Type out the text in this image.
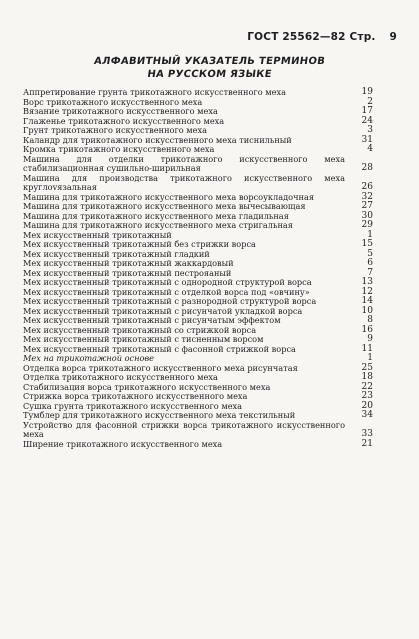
ГОСТ 25562—82 Стр. 9
АЛФАВИТНЫЙ УКАЗАТЕЛЬ ТЕРМИНОВ
НА РУССКОМ ЯЗЫКЕ
Аппретирование грунта трикотажного искусственного меха	19
Ворс трикотажного искусственного меха	2
Вязание трикотажного искусственного меха	17
Глаженье трикотажного искусственного меха	24
Грунт трикотажного искусственного меха	3
Каландр для трикотажного искусственного меха тиснильный	31
Кромка трикотажного искусственного меха	4
Машина для отделки трикотажного искусственного меха стабилизационная сушильно-ширильная	28
Машина для производства трикотажного искусственного меха круглovязальная	26
Машина для трикотажного искусственного меха ворсоукладочная	32
Машина для трикотажного искусственного меха вычесывающая	27
Машина для трикотажного искусственного меха гладильная	30
Машина для трикотажного искусственного меха стригальная	29
Мех искусственный трикотажный	1
Мех искусственный трикотажный без стрижки ворса	15
Мех искусственный трикотажный гладкий	5
Мех искусственный трикотажный жаккардовый	6
Мех искусственный трикотажный пестрояаный	7
Мех искусственный трикотажный с однородной структурой ворса	13
Мех искусственный трикотажный с отделкой ворса под «овчину»	12
Мех искусственный трикотажный с разнородной структурой ворса	14
Мех искусственный трикотажный с рисунчатой укладкой ворса	10
Мех искусственный трикотажный с рисунчатым эффектом	8
Мех искусственный трикотажный со стрижкой ворса	16
Мех искусственный трикотажный с тисненным ворсом	9
Мех искусственный трикотажный с фасонной стрижкой ворса	11
Мех на трикотажной основе	1
Отделка ворса трикотажного искусственного меха рисунчатая	25
Отделка трикотажного искусственного меха	18
Стабилизация ворса трикотажного искусственного меха	22
Стрижка ворса трикотажного искусственного меха	23
Сушка грунта трикотажного искусственного меха	20
Тумблер для трикотажного искусственного меха текстильный	34
Устройство для фасонной стрижки ворса трикотажного искусственного меха	33
Ширение трикотажного искусственного меха	21
